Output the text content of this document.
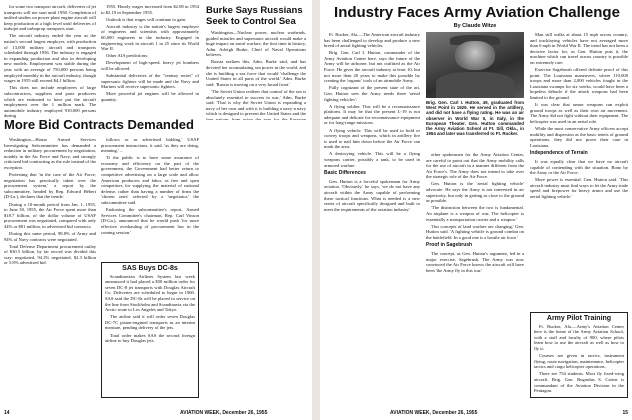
for some two transport aircraft, deliveries of jet transports will not start until 1958. Completion of unified studies on power plant engine aircraft will keep production at a high level until deliveries of turbojet and turboprop transports start.

The aircraft industry ended the year as the nation's second largest employer, with production of 13,000 military aircraft and transports scheduled through 1956. The industry is engaged in expanding production and also in developing new models. Employment was stable during the year with an average of 750,000 persons being employed monthly in the aircraft industry, though wages in 1955 still exceed $4.1 billion.

This does not include employees of large subcontractors, suppliers and parts producers which are estimated to have put the aircraft employment over the 1 million mark. The automobile industry employed 910,000 persons during

1955. Hourly wages increased from $2.08 in 1954 to $2.19 in September 1955.

Outlook is that wages will continue to gain.

Aircraft industry is the nation's largest employer of engineers and scientists with approximately 60,000 engineers in the industry. Engaged in engineering work in aircraft 1 in 25 since its World War II.

Other AIA predictions:

Development of high-speed, heavy jet bombers will be allowed.

Substantial deliveries of the "century series" of supersonic fighters will be made and the Navy and Marines will receive supersonic fighters.

More powerful jet engines will be allowed in quantity.

Burke Says Russians Seek to Control Sea

Washington—Nuclear power, nuclear warheads, guided missiles and supersonic aircraft would make a huge impact on naval warfare, the first time in history, Adm. Arleigh Burke, Chief of Naval Operations believes.

Russia realizes this, Adm. Burke said, and has devoted her accumulating sea power in the world, and she is building a sea force that would 'challenge the United States in all parts of the world.' Adm. Burke said. 'Russia is moving on a very broad front.'

'The Soviet Union realizes that control of the sea is absolutely essential to success in war,' Adm. Burke said. 'That is why the Soviet Union is expanding a navy of her own and with it is building a navy-a navy which is designed to prevent the United States and the

More Bid Contracts Demanded

Washington—House Armed Services Investigating Subcommittee has demanded a reduction in military procurement by negotiation, notably in the Air Force and Navy, and strongly criticized bid contracting as the rule instead of the exception.

Protesting that 'in the case of the Air Force, negotiation has practically taken over the procurement system,' a report by the subcommittee, headed by Rep. Edward Hébert (D-La.), declares that the trends:

During a 10-month period from Jan. 1, 1955, to June 30, 1955, the Air Force spent more than $18.7 billion, of the dollar volume of USAF procurement was negotiated, compared with only 44% or $81 million, in advertised bid contracts.

During this same period, 98.8% of Army and 94% of Navy contracts were negotiated.

Total Defense Department procurement outlay of $30.5 billion, by far record was divided this way: negotiated, 94.2% negotiated, $2.3 billion or 5.8% advertised bid.

follows or as advertised bidding,' USAF procurement instructions, it said. 'as they are doing, meaning,' ...

'If the public is to have some assurance of economy and efficiency on the part of the government, the Government had better return to competitive advertising on a large scale and allow American producers and labor, as free and open competitors for supplying the material of national defense, rather than having a number of firms the 'chosen ones' selected by a 'negotiator,' the subcommittee said.

Endorsing the subcommittee's report, Armed Services Committee's chairman, Rep. Carl Vinson (D-Ga.), announced that he would push 'for more effective overhauling of procurement law in the coming session.'

SAS Buys DC-8s

Scandinavian Airlines System last week announced it had placed a $50 million order for seven DC-8 jet transports with Douglas Aircraft Co. Deliveries are scheduled to begin in 1960. SAS said the DC-8s will be placed in service on the line from Stockholm and Scandinavia via the Arctic route to Los Angeles and Tokyo.

The airline said it will order seven Douglas DC-7C piston-engined transports as an interim measure, pending delivery of the jets.

Total order makes SAS the second foreign airline to buy Douglas jets.

14	AVIATION WEEK, December 26, 1955
Industry Faces Army Aviation Challenge
By Claude Witze

Ft. Rucker, Ala.—The American aircraft industry has been challenged to develop and produce a new breed of aerial fighting vehicles.

Brig. Gen. Carl I. Hutton, commander of the Army Aviation Center here, says the future of the Army will be airborne, but not outfitted as the Air Force. He gives the aircraft industry at least 10, but not more than 20 years to make this possible by creating the 'organic' tools of an airmobile Army.

Fully cognizant of the present state of the art, Gen. Hutton sees the Army needs three 'aerial fighting vehicles':

A flying soldier. This will be a reconnaissance platform. It may be that the present L-19 is not adequate and delicate for reconnaissance equipment or for long-range missions.

A flying vehicle. This will be used to hold or convey troops and weapons, which in artillery fire is used to nail him down before the Air Force can mark the area.

A destroying vehicle. This will be a flying weapons carrier, possibly a tank, to be used in armored warfare.

Basic Differences

Gen. Hutton is a forceful spokesman for Army aviation. 'Obviously,' he says, 'we do not have any aircraft within the Army capable of performing these tactical functions. What is needed is a new series of aircraft specifically designed and built to meet the requirements of the aviation industry.'

Brig. Gen. Carl I. Hutton, 49, graduated from West Point in 1929. He served in the artillery, and did not have a flying rating. He was an air observer in World War II, in Italy, in the European Theater. Gen. Hutton commanded the Army Aviation School at Ft. Sill, Okla., in 1954 and later was transferred to Ft. Rucker.

other spokesmen for the Army Aviation Center, are careful to point out that the Army mobility calls for the use of aircraft in a manner different from the Air Force's. The Army does not intend to take over the strategic role of the Air Force.

Gen. Hutton is the 'aerial fighting vehicle' advocate. He says the Army is not interested in air superiority, but only in getting as close to the ground as possible.

'The distinction between the two is fundamental. An airplane is a weapon of war. The helicopter is essentially a transportation carrier and a weapon.'

'Our concepts of land warfare are changing,' Gen. Hutton said. 'A fighting vehicle is ground combat on the battlefield. In a good one is a hostile air force.'

Proof in Sagebrush

The concept, as Gen. Hutton's argument, led in a major exercise, Sagebrush. The Army was now convinced the Air Force knows the aircraft will have been 'the Army fly in this war.'

Man still walks at about 15 mph across country, and tracklaying vehicles have not averaged more than 6 mph in World War II. The trend has not been a decisive factor for, as Gen. Hutton puts it, the machine which can travel across country is possible on extremely rare.

Exercise Sagebrush offered definite proof of this point. The Louisiana maneuvers, where 110,000 troops and more than 2,000 vehicles fought in the Louisiana swamps for six weeks, would have been a hopeless debacle if the attack weapons had been limited to the ground.

It was clear that armor weapons can exploit ground troops as well as their own air movement. The Army did not fight without their equipment. The helicopter was used in an aerial role.

While the most conservative Army officers accept mobility and dispersion as the basic tenets of ground operations, they did not prove their case in Louisiana.

Independence of Terrain

It was equally clear that we have no aircraft capable of contending with the situation. Bono by the Army or the Air Force.

More power is essential. Gen. Hutton said. 'This aircraft industry must find ways to let the Army trade speed and firepower for heavy armor and use the aerial fighting vehicle.'

Army Pilot Training

Ft. Rucker, Ala.—Army's Aviation Center here is the home of the Army Aviation School, with a staff and faculty of 900, where pilots learn how to use the aircraft as well as how to fly it.

Courses are given in tactics, instrument flying, route navigation, maintenance, helicopter tactics and cargo helicopter operations.

There are 754 students. Most fly fixed-wing aircraft. Brig. Gen. Bogardus S. Cairns is commandant of the Aviation Division in the Pentagon.

AVIATION WEEK, December 26, 1955	15
